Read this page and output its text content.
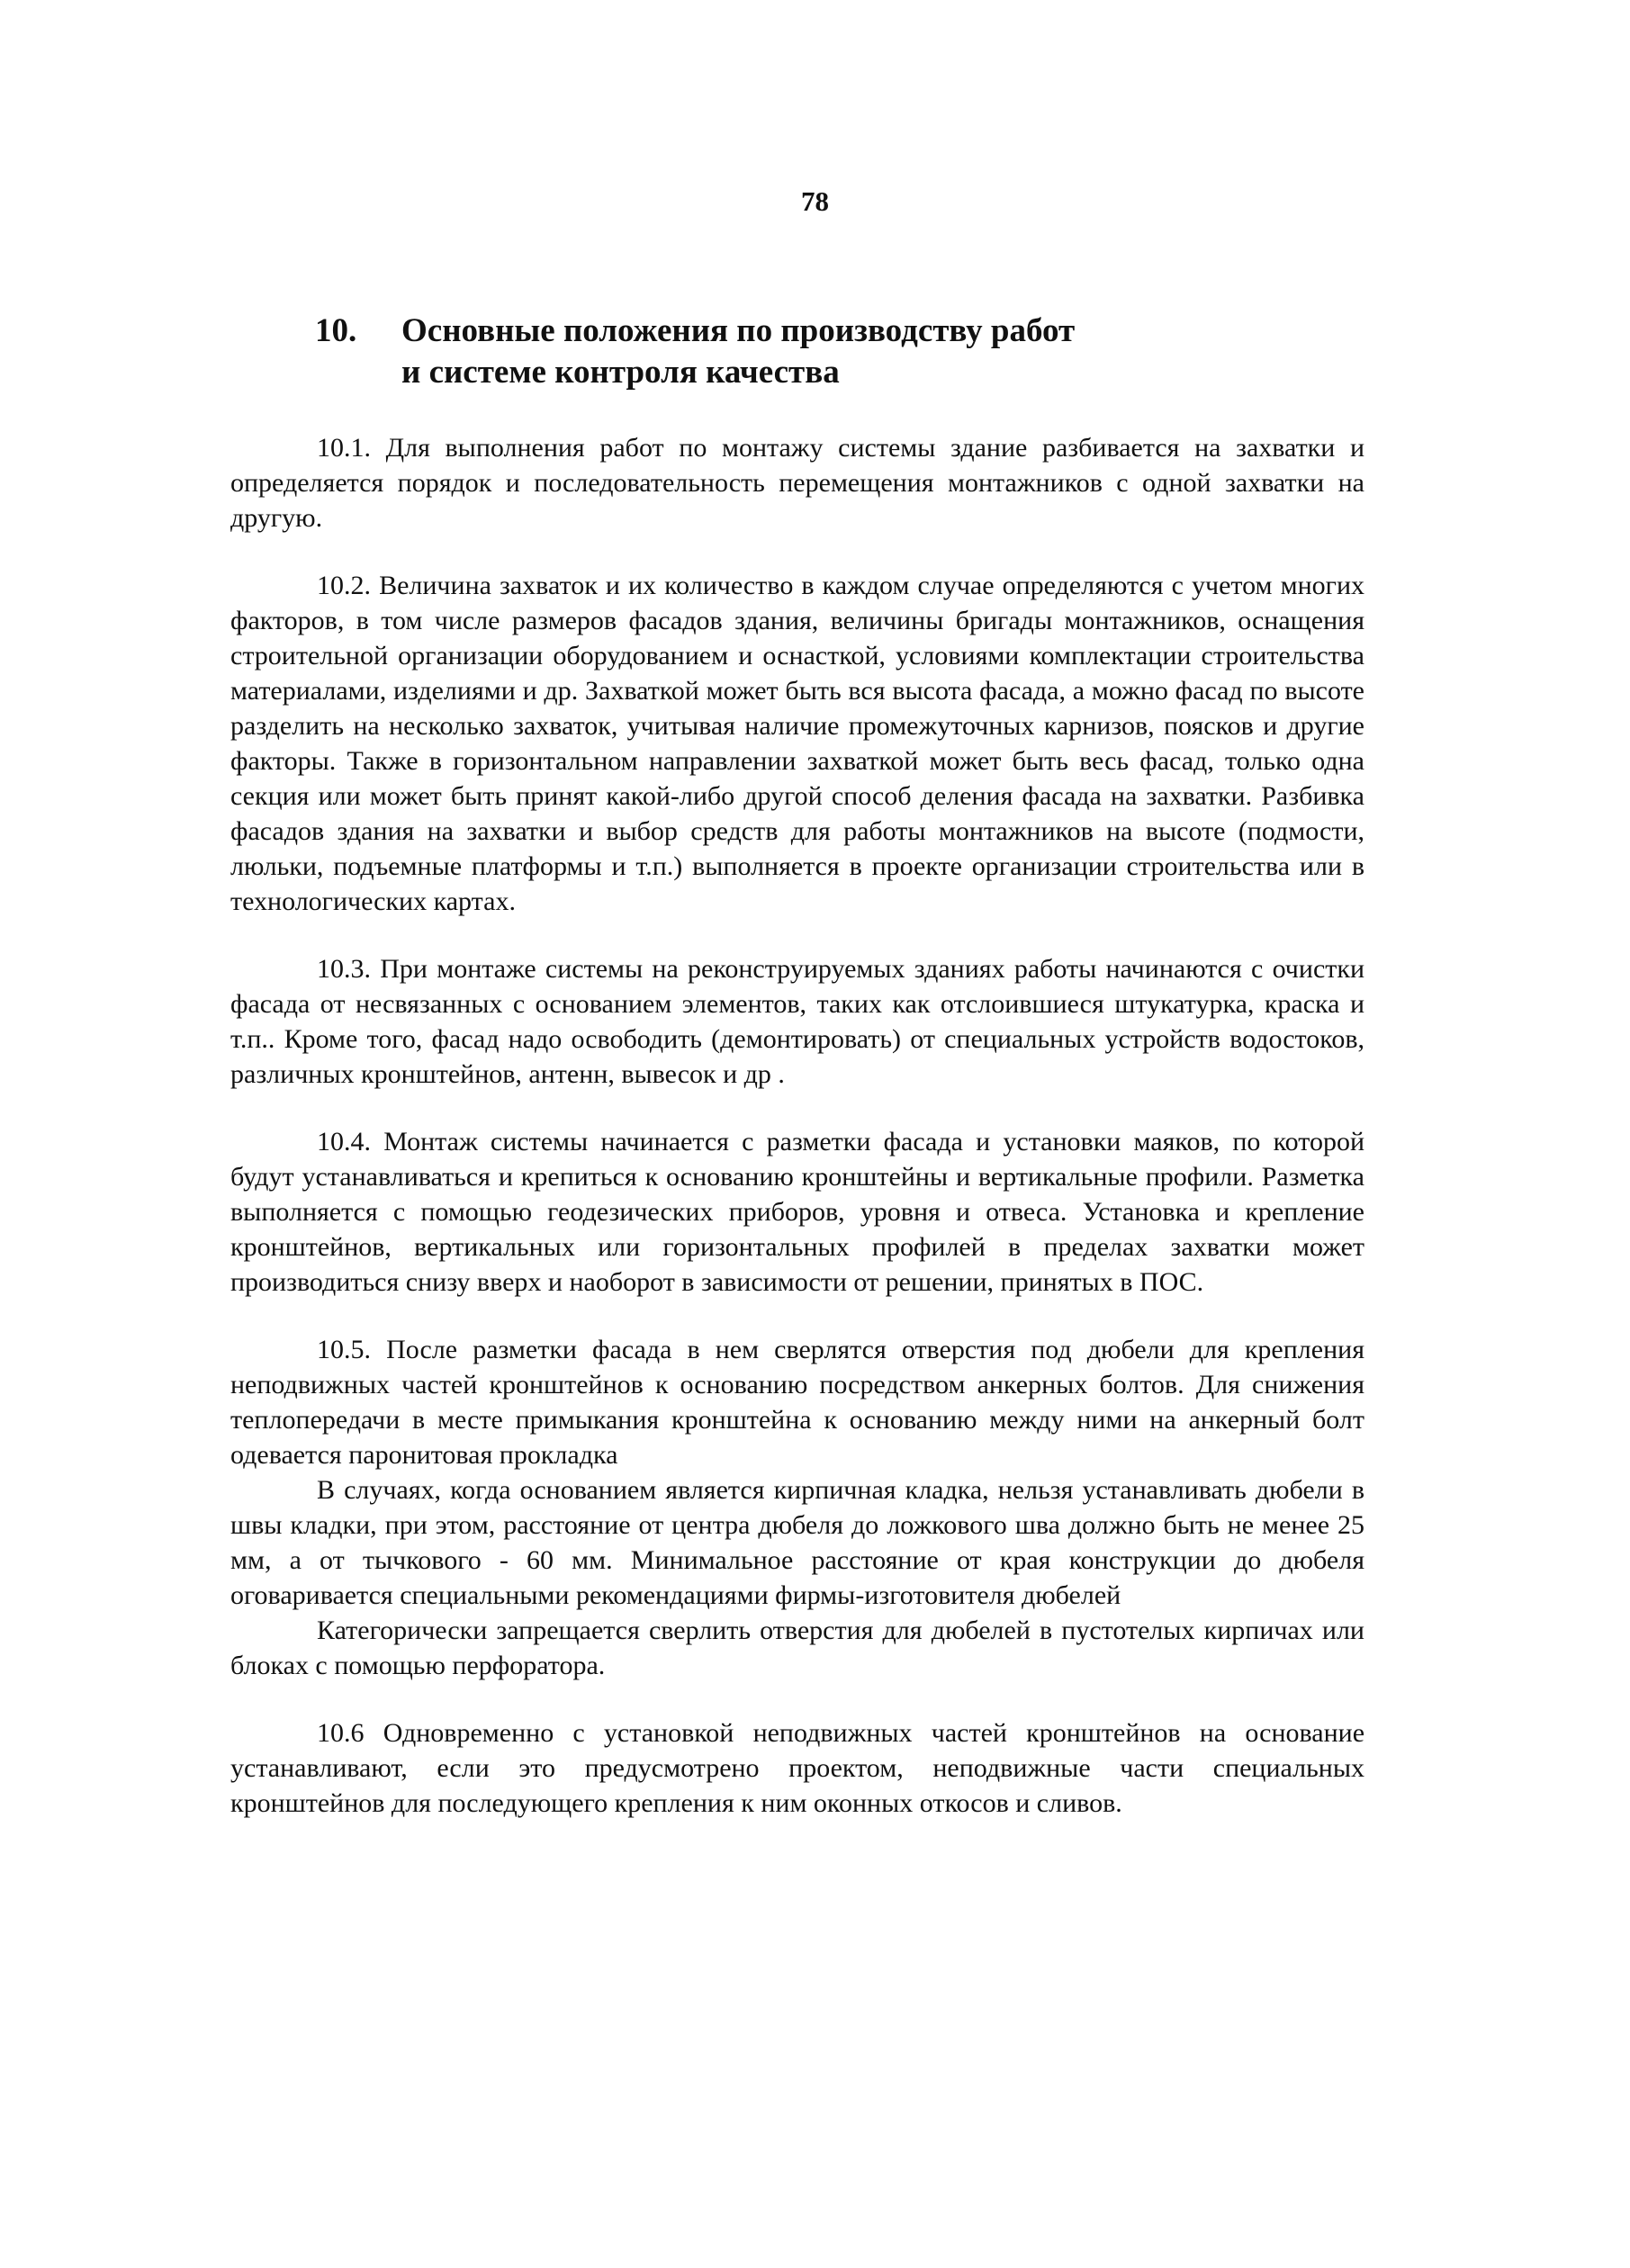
78
10. Основные положения по производству работ
и системе контроля качества

10.1. Для выполнения работ по монтажу системы здание разбивается на захватки и определяется порядок и последовательность перемещения монтажников с одной захватки на другую.

10.2. Величина захваток и их количество в каждом случае определяются с учетом многих факторов, в том числе размеров фасадов здания, величины бригады монтажников, оснащения строительной организации оборудованием и оснасткой, условиями комплектации строительства материалами, изделиями и др. Захваткой может быть вся высота фасада, а можно фасад по высоте разделить на несколько захваток, учитывая наличие промежуточных карнизов, поясков и другие факторы. Также в горизонтальном направлении захваткой может быть весь фасад, только одна секция или может быть принят какой-либо другой способ деления фасада на захватки. Разбивка фасадов здания на захватки и выбор средств для работы монтажников на высоте (подмости, люльки, подъемные платформы и т.п.) выполняется в проекте организации строительства или в технологических картах.

10.3. При монтаже системы на реконструируемых зданиях работы начинаются с очистки фасада от несвязанных с основанием элементов, таких как отслоившиеся штукатурка, краска и т.п.. Кроме того, фасад надо освободить (демонтировать) от специальных устройств водостоков, различных кронштейнов, антенн, вывесок и др .

10.4. Монтаж системы начинается с разметки фасада и установки маяков, по которой будут устанавливаться и крепиться к основанию кронштейны и вертикальные профили. Разметка выполняется с помощью геодезических приборов, уровня и отвеса. Установка и крепление кронштейнов, вертикальных или горизонтальных профилей в пределах захватки может производиться снизу вверх и наоборот в зависимости от решении, принятых в ПОС.

10.5. После разметки фасада в нем сверлятся отверстия под дюбели для крепления неподвижных частей кронштейнов к основанию посредством анкерных болтов. Для снижения теплопередачи в месте примыкания кронштейна к основанию между ними на анкерный болт одевается паронитовая прокладка

В случаях, когда основанием является кирпичная кладка, нельзя устанавливать дюбели в швы кладки, при этом, расстояние от центра дюбеля до ложкового шва должно быть не менее 25 мм, а от тычкового - 60 мм. Минимальное расстояние от края конструкции до дюбеля оговаривается специальными рекомендациями фирмы-изготовителя дюбелей

Категорически запрещается сверлить отверстия для дюбелей в пустотелых кирпичах или блоках с помощью перфоратора.

10.6 Одновременно с установкой неподвижных частей кронштейнов на основание устанавливают, если это предусмотрено проектом, неподвижные части специальных кронштейнов для последующего крепления к ним оконных откосов и сливов.
